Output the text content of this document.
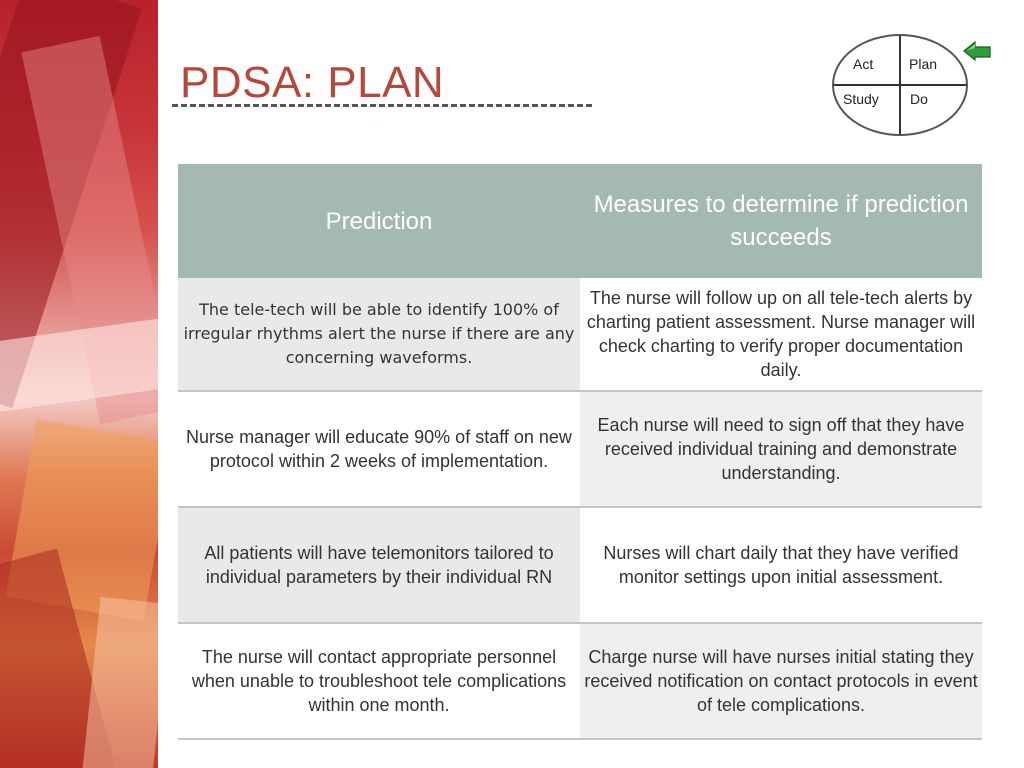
PDSA: PLAN	Act	Plan
Study Do
Prediction
Measures to determine if prediction succeeds
The tele-tech will be able to identify 100% of irregular rhythms alert the nurse if there are any concerning waveforms.
The nurse will follow up on all tele-tech alerts by charting patient assessment. Nurse manager will check charting to verify proper documentation daily.
Nurse manager will educate 90% of staff on new protocol within 2 weeks of implementation.
Each nurse will need to sign off that they have received individual training and demonstrate understanding.
All patients will have telemonitors tailored to individual parameters by their individual RN
Nurses will chart daily that they have verified monitor settings upon initial assessment.
The nurse will contact appropriate personnel when unable to troubleshoot tele complications within one month.
Charge nurse will have nurses initial stating they received notification on contact protocols in event of tele complications.
